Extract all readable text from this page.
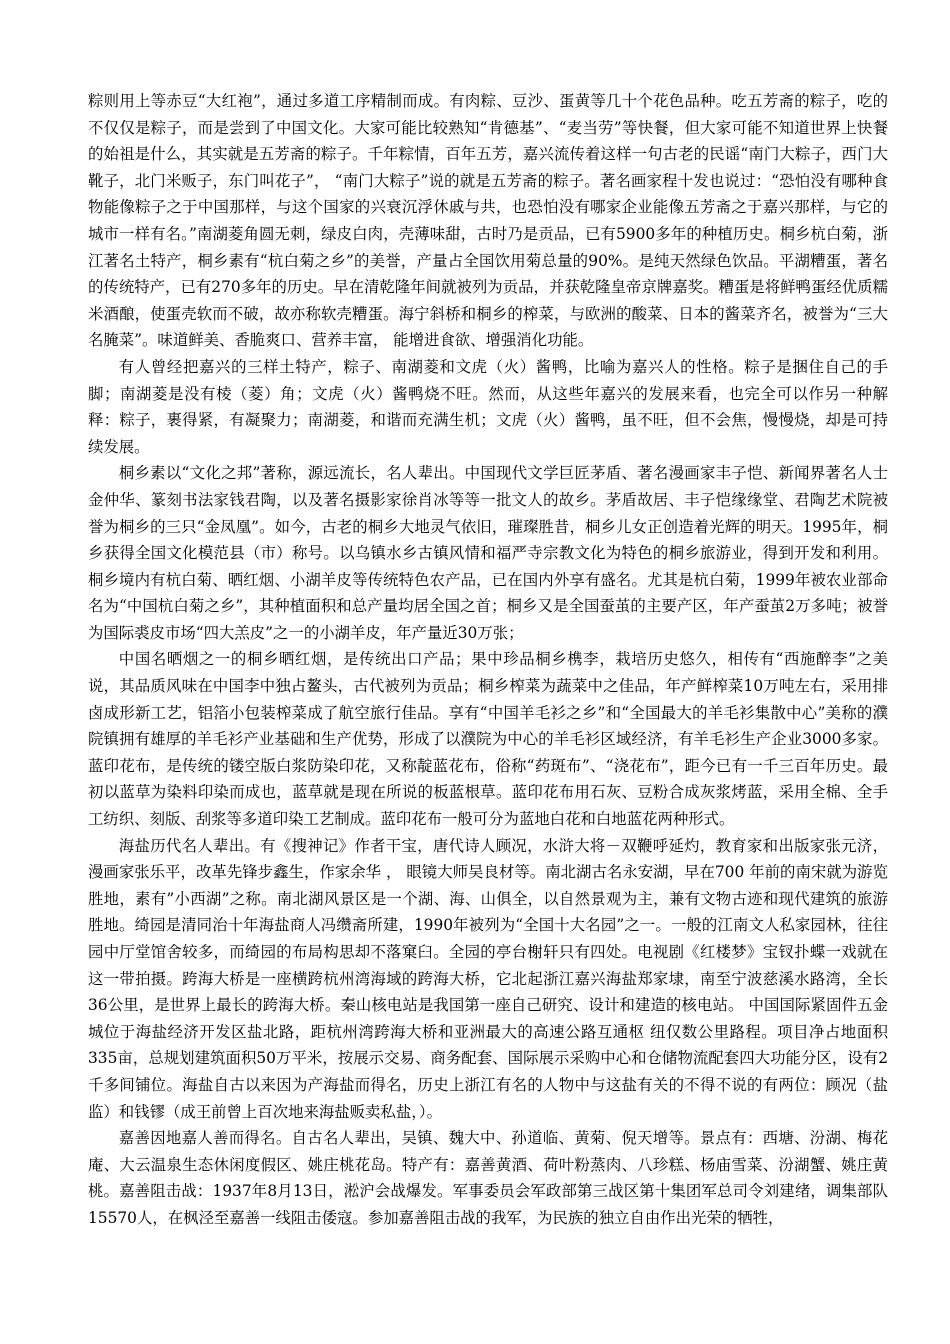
粽则用上等赤豆“大红袍”，通过多道工序精制而成。有肉粽、豆沙、蛋黄等几十个花色品种。吃五芳斋的粽子，吃的不仅仅是粽子，而是尝到了中国文化。大家可能比较熟知“肯德基”、“麦当劳”等快餐，但大家可能不知道世界上快餐的始祖是什么，其实就是五芳斋的粽子。千年粽情，百年五芳，嘉兴流传着这样一句古老的民谣“南门大粽子，西门大靴子，北门米贩子，东门叫花子”， “南门大粽子”说的就是五芳斋的粽子。著名画家程十发也说过：“恐怕没有哪种食物能像粽子之于中国那样，与这个国家的兴衰沉浮休戚与共，也恐怕没有哪家企业能像五芳斋之于嘉兴那样，与它的城市一样有名。”南湖菱角圆无刺，绿皮白肉，壳薄味甜，古时乃是贡品，已有5900多年的种植历史。桐乡杭白菊，浙江著名土特产，桐乡素有“杭白菊之乡”的美誉，产量占全国饮用菊总量的90%。是纯天然绿色饮品。平湖糟蛋，著名的传统特产，已有270多年的历史。早在清乾隆年间就被列为贡品，并获乾隆皇帝京牌嘉奖。糟蛋是将鲜鸭蛋经优质糯米酒酿，使蛋壳软而不破，故亦称软壳糟蛋。海宁斜桥和桐乡的榨菜，与欧洲的酸菜、日本的酱菜齐名，被誉为“三大名腌菜”。味道鲜美、香脆爽口、营养丰富， 能增进食欲、增强消化功能。

有人曾经把嘉兴的三样土特产，粽子、南湖菱和文虎（火）酱鸭，比喻为嘉兴人的性格。粽子是捆住自己的手脚；南湖菱是没有棱（菱）角；文虎（火）酱鸭烧不旺。然而，从这些年嘉兴的发展来看，也完全可以作另一种解释：粽子，裹得紧，有凝聚力；南湖菱，和谐而充满生机；文虎（火）酱鸭，虽不旺，但不会焦，慢慢烧，却是可持续发展。

桐乡素以“文化之邦”著称，源远流长，名人辈出。中国现代文学巨匠茅盾、著名漫画家丰子恺、新闻界著名人士金仲华、篆刻书法家钱君陶，以及著名摄影家徐肖冰等等一批文人的故乡。茅盾故居、丰子恺缘缘堂、君陶艺术院被誉为桐乡的三只“金凤凰”。如今，古老的桐乡大地灵气依旧，璀璨胜昔，桐乡儿女正创造着光辉的明天。1995年，桐乡获得全国文化模范县（市）称号。以乌镇水乡古镇风情和福严寺宗教文化为特色的桐乡旅游业，得到开发和利用。桐乡境内有杭白菊、晒红烟、小湖羊皮等传统特色农产品，已在国内外享有盛名。尤其是杭白菊，1999年被农业部命名为“中国杭白菊之乡”，其种植面积和总产量均居全国之首；桐乡又是全国蚕茧的主要产区，年产蚕茧2万多吨；被誉为国际裘皮市场“四大羔皮”之一的小湖羊皮，年产量近30万张；

中国名晒烟之一的桐乡晒红烟，是传统出口产品；果中珍品桐乡槜李，栽培历史悠久，相传有“西施醉李”之美说，其品质风味在中国李中独占鳌头，古代被列为贡品；桐乡榨菜为蔬菜中之佳品，年产鲜榨菜10万吨左右，采用排卤成形新工艺，铝箔小包装榨菜成了航空旅行佳品。享有“中国羊毛衫之乡”和“全国最大的羊毛衫集散中心”美称的濮院镇拥有雄厚的羊毛衫产业基础和生产优势，形成了以濮院为中心的羊毛衫区域经济，有羊毛衫生产企业3000多家。蓝印花布，是传统的镂空版白浆防染印花，又称靛蓝花布，俗称“药斑布”、“浇花布”，距今已有一千三百年历史。最初以蓝草为染料印染而成也，蓝草就是现在所说的板蓝根草。蓝印花布用石灰、豆粉合成灰浆烤蓝，采用全棉、全手工纺织、刻版、刮浆等多道印染工艺制成。蓝印花布一般可分为蓝地白花和白地蓝花两种形式。

海盐历代名人辈出。有《搜神记》作者干宝，唐代诗人顾况，水浒大将－双鞭呼延灼，教育家和出版家张元济，漫画家张乐平，改革先锋步鑫生，作家余华 ， 眼镜大师吴良材等。南北湖古名永安湖，早在700 年前的南宋就为游览胜地，素有”小西湖”之称。南北湖风景区是一个湖、海、山俱全，以自然景观为主，兼有文物古迹和现代建筑的旅游胜地。绮园是清同治十年海盐商人冯缵斋所建，1990年被列为“全国十大名园”之一。一般的江南文人私家园林，往往园中厅堂馆舍较多，而绮园的布局构思却不落窠臼。全园的亭台榭轩只有四处。电视剧《红楼梦》宝钗扑蝶一戏就在这一带拍摄。跨海大桥是一座横跨杭州湾海域的跨海大桥，它北起浙江嘉兴海盐郑家埭，南至宁波慈溪水路湾，全长36公里，是世界上最长的跨海大桥。秦山核电站是我国第一座自己研究、设计和建造的核电站。 中国国际紧固件五金城位于海盐经济开发区盐北路，距杭州湾跨海大桥和亚洲最大的高速公路互通枢 纽仅数公里路程。项目净占地面积335亩，总规划建筑面积50万平米，按展示交易、商务配套、国际展示采购中心和仓储物流配套四大功能分区，设有2千多间铺位。海盐自古以来因为产海盐而得名，历史上浙江有名的人物中与这盐有关的不得不说的有两位：顾况（盐监）和钱镠（成王前曾上百次地来海盐贩卖私盐，）。

嘉善因地嘉人善而得名。自古名人辈出，吴镇、魏大中、孙道临、黄菊、倪天增等。景点有：西塘、汾湖、梅花庵、大云温泉生态休闲度假区、姚庄桃花岛。特产有：嘉善黄酒、荷叶粉蒸肉、八珍糕、杨庙雪菜、汾湖蟹、姚庄黄桃。嘉善阻击战：1937年8月13日，淞沪会战爆发。军事委员会军政部第三战区第十集团军总司令刘建绪，调集部队15570人，在枫泾至嘉善一线阻击倭寇。参加嘉善阻击战的我军，为民族的独立自由作出光荣的牺牲，
